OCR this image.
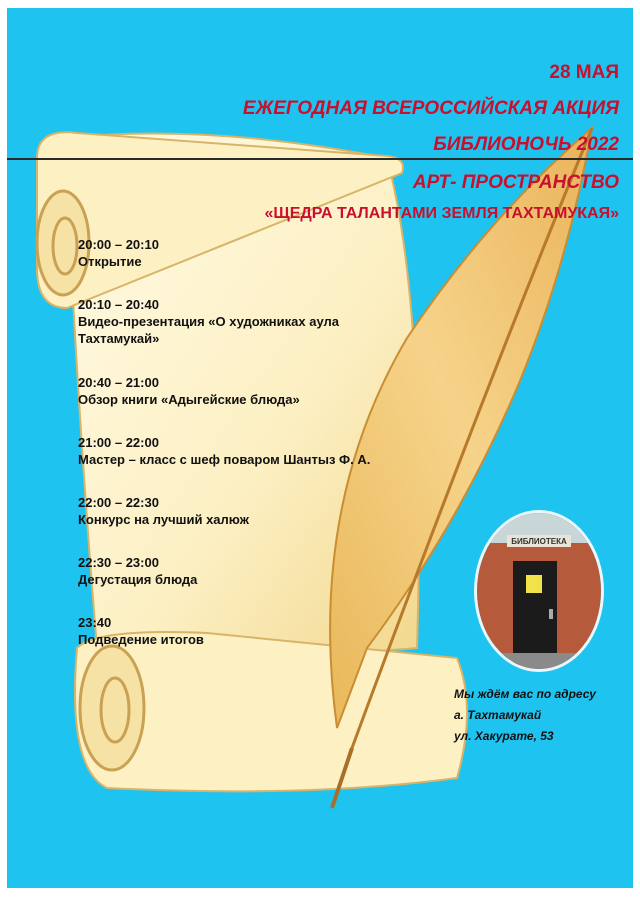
28 МАЯ
ЕЖЕГОДНАЯ ВСЕРОССИЙСКАЯ АКЦИЯ
БИБЛИОНОЧЬ 2022
АРТ- ПРОСТРАНСТВО
«ЩЕДРА ТАЛАНТАМИ ЗЕМЛЯ ТАХТАМУКАЯ»
20:00 – 20:10
Открытие
20:10 – 20:40
Видео-презентация «О художниках аула Тахтамукай»
20:40 – 21:00
Обзор книги «Адыгейские блюда»
21:00 – 22:00
Мастер – класс с шеф поваром Шантыз Ф. А.
22:00 – 22:30
Конкурс на лучший халюж
22:30 – 23:00
Дегустация блюда
23:40
Подведение итогов
БИБЛИОТЕКА
Мы ждём вас по адресу
а. Тахтамукай
ул. Хакурате, 53
